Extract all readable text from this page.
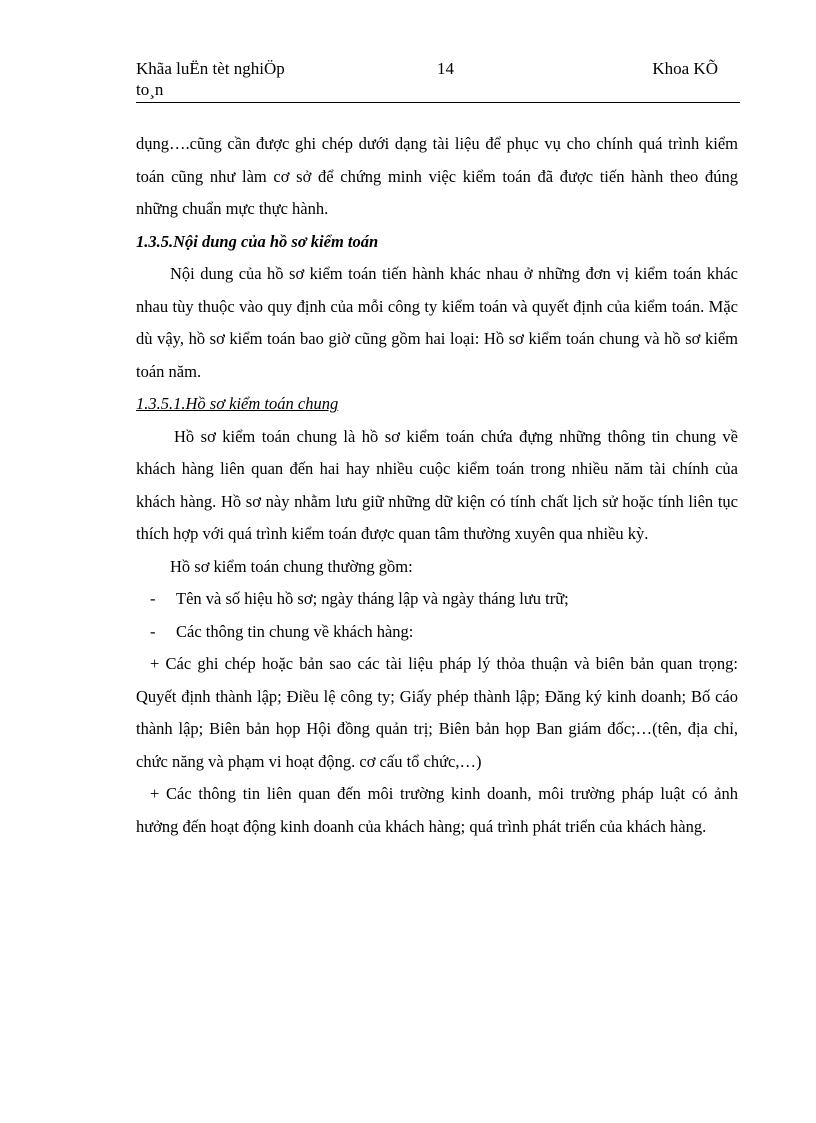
Khãa luËn tèt nghiÖp to¸n
14	Khoa KÕ

dụng….cũng cần được ghi chép dưới dạng tài liệu để phục vụ cho chính quá trình kiểm toán cũng như làm cơ sở để chứng minh việc kiểm toán đã được tiến hành theo đúng những chuẩn mực thực hành.

1.3.5.Nội dung của hồ sơ kiểm toán

Nội dung của hồ sơ kiểm toán tiến hành khác nhau ở những đơn vị kiểm toán khác nhau tùy thuộc vào quy định của mỗi công ty kiểm toán và quyết định của kiểm toán. Mặc dù vậy, hồ sơ kiểm toán bao giờ cũng gồm hai loại: Hồ sơ kiểm toán chung và hồ sơ kiểm toán năm.

1.3.5.1.Hồ sơ kiểm toán chung

Hồ sơ kiểm toán chung là hồ sơ kiểm toán chứa đựng những thông tin chung về khách hàng liên quan đến hai hay nhiều cuộc kiểm toán trong nhiều năm tài chính của khách hàng. Hồ sơ này nhằm lưu giữ những dữ kiện có tính chất lịch sử hoặc tính liên tục thích hợp với quá trình kiểm toán được quan tâm thường xuyên qua nhiều kỳ.

Hồ sơ kiểm toán chung thường gồm:

-	Tên và số hiệu hồ sơ; ngày tháng lập và ngày tháng lưu trữ;
-	Các thông tin chung về khách hàng:

+ Các ghi chép hoặc bản sao các tài liệu pháp lý thỏa thuận và biên bản quan trọng: Quyết định thành lập; Điều lệ công ty; Giấy phép thành lập; Đăng ký kinh doanh; Bố cáo thành lập; Biên bản họp Hội đồng quản trị; Biên bản họp Ban giám đốc;…(tên, địa chỉ, chức năng và phạm vi hoạt động. cơ cấu tổ chức,…)

+ Các thông tin liên quan đến môi trường kinh doanh, môi trường pháp luật có ảnh hưởng đến hoạt động kinh doanh của khách hàng; quá trình phát triển của khách hàng.
